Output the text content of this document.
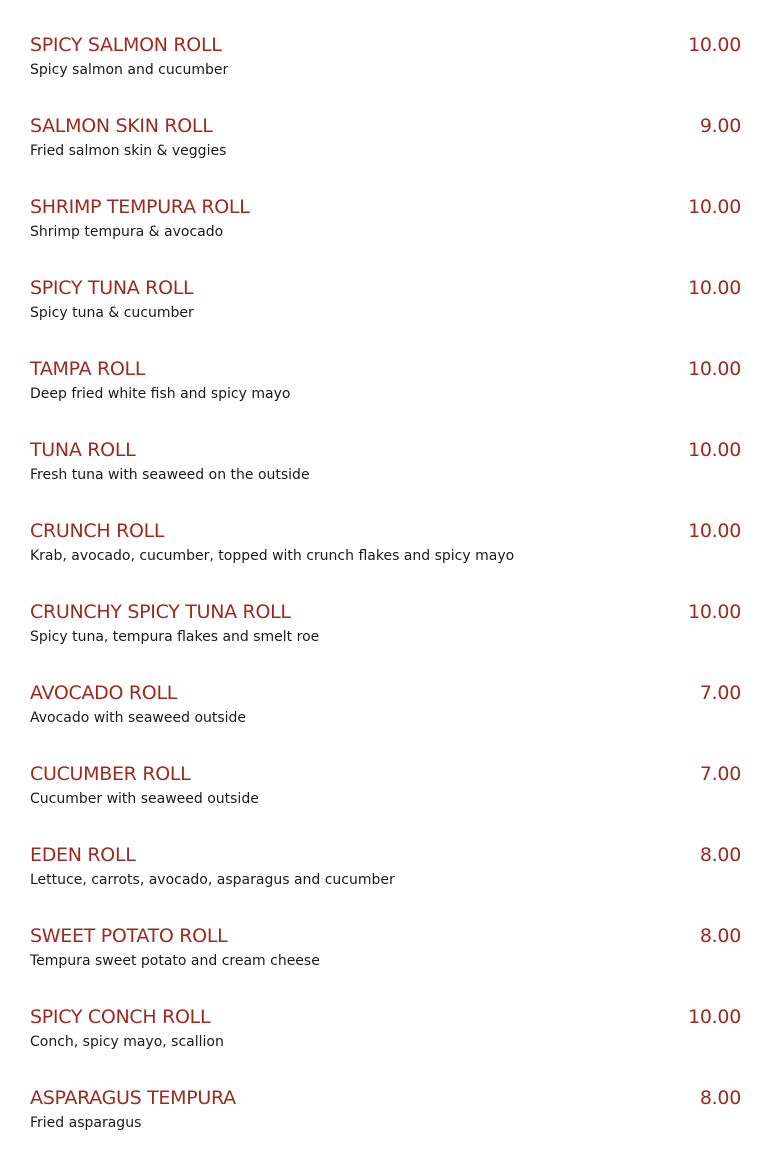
SPICY SALMON ROLL	10.00
Spicy salmon and cucumber
SALMON SKIN ROLL	9.00
Fried salmon skin & veggies
SHRIMP TEMPURA ROLL	10.00
Shrimp tempura & avocado
SPICY TUNA ROLL	10.00
Spicy tuna & cucumber
TAMPA ROLL	10.00
Deep fried white fish and spicy mayo
TUNA ROLL	10.00
Fresh tuna with seaweed on the outside
CRUNCH ROLL	10.00
Krab, avocado, cucumber, topped with crunch flakes and spicy mayo
CRUNCHY SPICY TUNA ROLL	10.00
Spicy tuna, tempura flakes and smelt roe
AVOCADO ROLL	7.00
Avocado with seaweed outside
CUCUMBER ROLL	7.00
Cucumber with seaweed outside
EDEN ROLL	8.00
Lettuce, carrots, avocado, asparagus and cucumber
SWEET POTATO ROLL	8.00
Tempura sweet potato and cream cheese
SPICY CONCH ROLL	10.00
Conch, spicy mayo, scallion
ASPARAGUS TEMPURA	8.00
Fried asparagus
